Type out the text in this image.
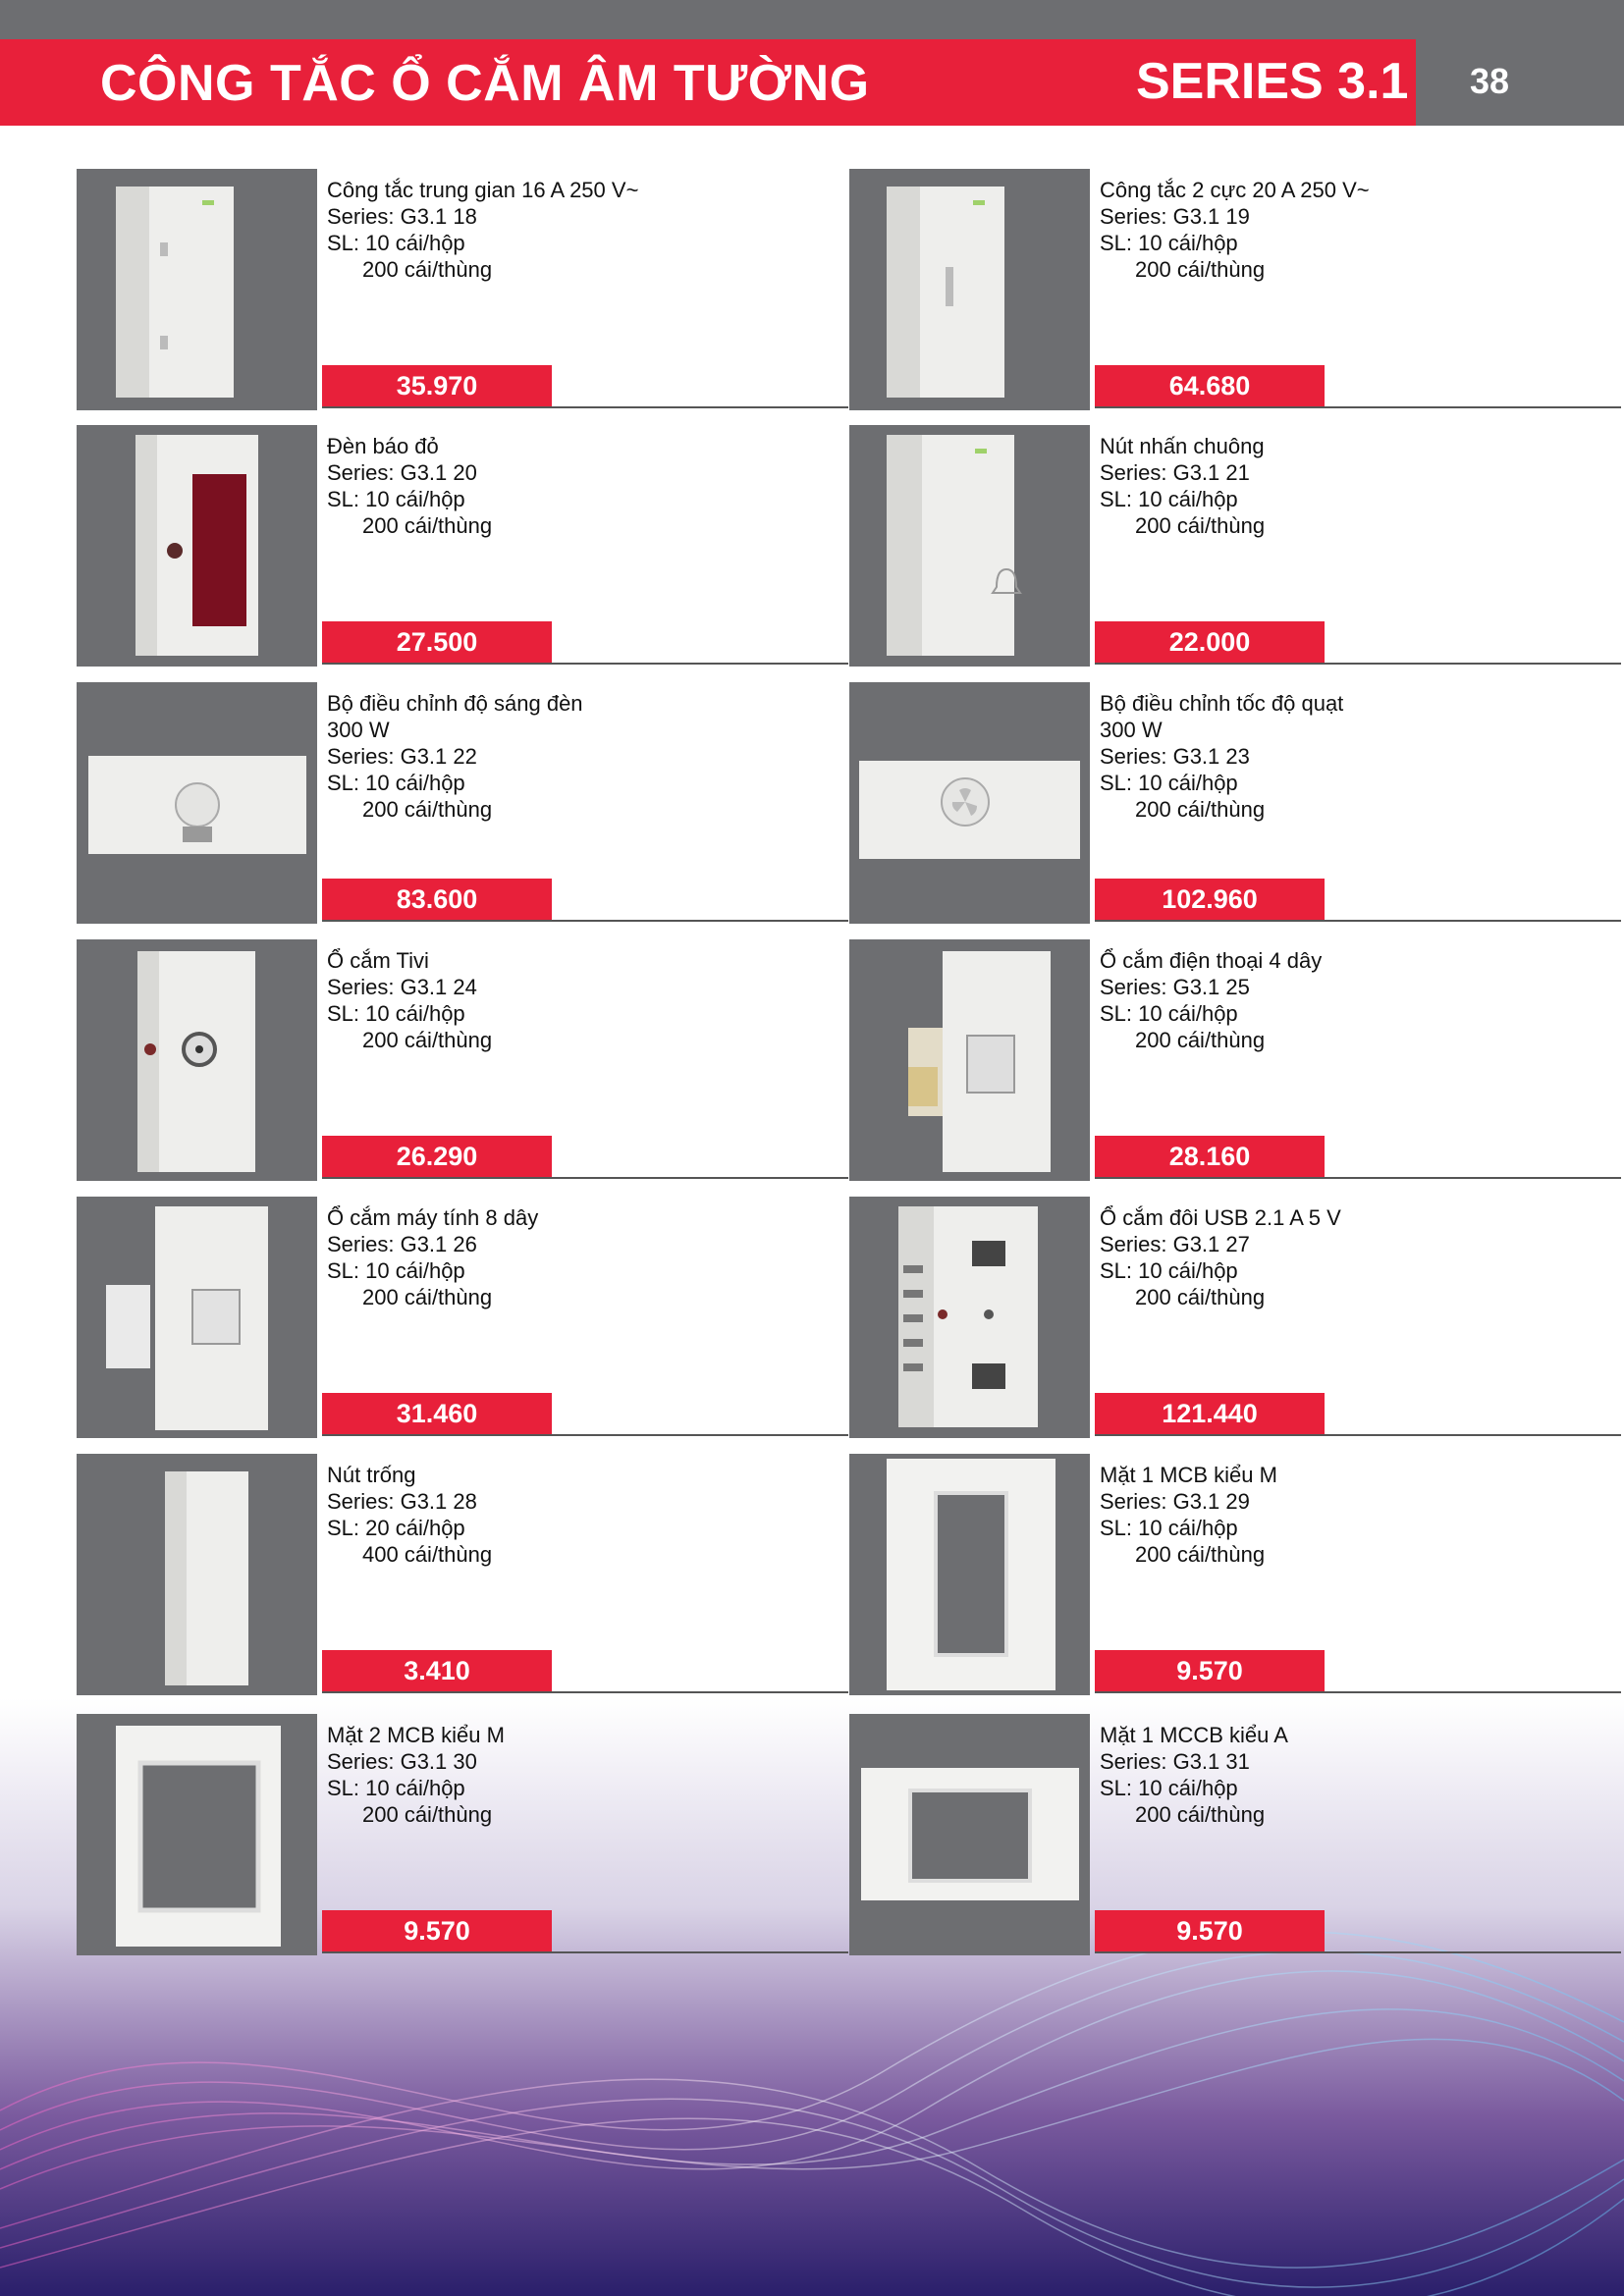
CÔNG TẮC Ổ CẮM ÂM TƯỜNG	SERIES 3.1	38
Công tắc trung gian 16 A 250 V~
Series: G3.1 18
SL: 10 cái/hộp
200 cái/thùng
35.970
Công tắc 2 cực 20 A 250 V~
Series: G3.1 19
SL: 10 cái/hộp
200 cái/thùng
64.680
Đèn báo đỏ
Series: G3.1 20
SL: 10 cái/hộp
200 cái/thùng
27.500
Nút nhấn chuông
Series: G3.1 21
SL: 10 cái/hộp
200 cái/thùng
22.000
Bộ điều chỉnh độ sáng đèn
300 W
Series: G3.1 22
SL: 10 cái/hộp
200 cái/thùng
83.600
Bộ điều chỉnh tốc độ quạt
300 W
Series: G3.1 23
SL: 10 cái/hộp
200 cái/thùng
102.960
Ổ cắm Tivi
Series: G3.1 24
SL: 10 cái/hộp
200 cái/thùng
26.290
Ổ cắm điện thoại 4 dây
Series: G3.1 25
SL: 10 cái/hộp
200 cái/thùng
28.160
Ổ cắm máy tính 8 dây
Series: G3.1 26
SL: 10 cái/hộp
200 cái/thùng
31.460
Ổ cắm đôi USB 2.1 A 5 V
Series: G3.1 27
SL: 10 cái/hộp
200 cái/thùng
121.440
Nút trống
Series: G3.1 28
SL: 20 cái/hộp
400 cái/thùng
3.410
Mặt 1 MCB kiểu M
Series: G3.1 29
SL: 10 cái/hộp
200 cái/thùng
9.570
Mặt 2 MCB kiểu M
Series: G3.1 30
SL: 10 cái/hộp
200 cái/thùng
9.570
Mặt 1 MCCB kiểu A
Series: G3.1 31
SL: 10 cái/hộp
200 cái/thùng
9.570
